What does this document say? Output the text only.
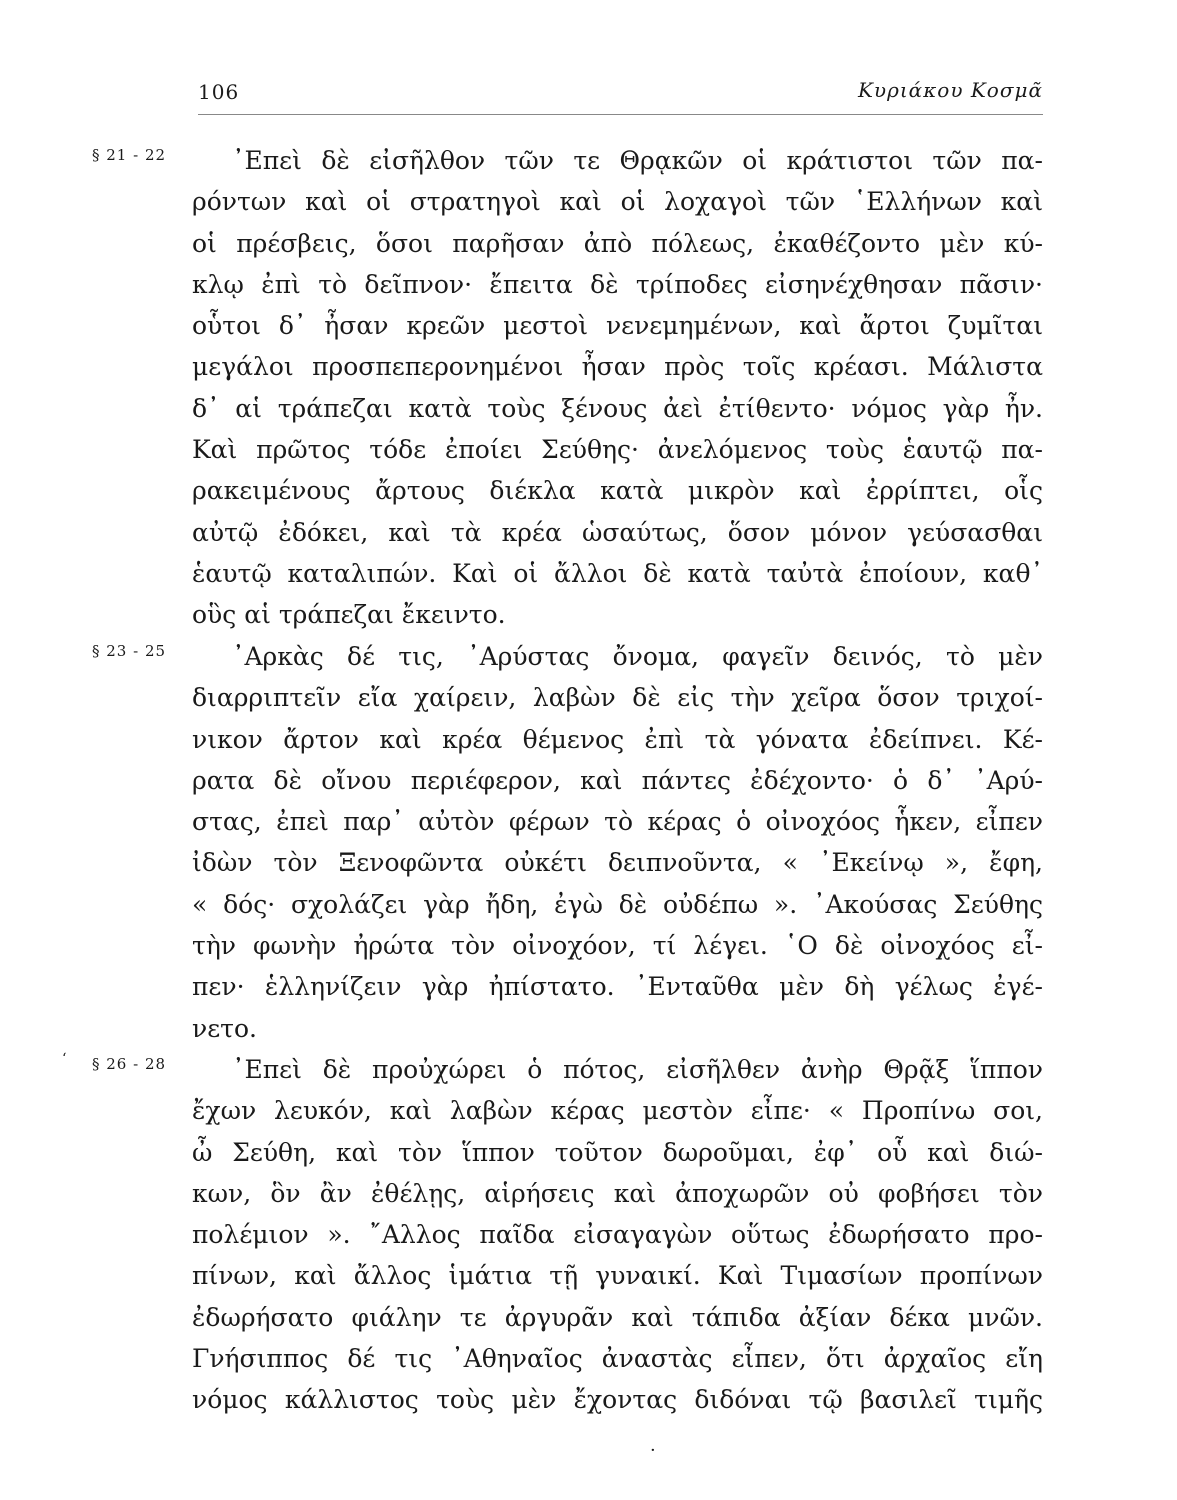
106	Κυριάκου Κοσμᾶ
§ 21 - 22	᾽Επεὶ δὲ εἰσῆλθον τῶν τε Θρᾳκῶν οἱ κράτιστοι τῶν πα-
ρόντων καὶ οἱ στρατηγοὶ καὶ οἱ λοχαγοὶ τῶν ῾Ελλήνων καὶ
οἱ πρέσβεις, ὅσοι παρῆσαν ἀπὸ πόλεως, ἐκαθέζοντο μὲν κύ-
κλῳ ἐπὶ τὸ δεῖπνον· ἔπειτα δὲ τρίποδες εἰσηνέχθησαν πᾶσιν·
οὗτοι δ᾽ ἦσαν κρεῶν μεστοὶ νενεμημένων, καὶ ἄρτοι ζυμῖται
μεγάλοι προσπεπερονημένοι ἦσαν πρὸς τοῖς κρέασι. Μάλιστα
δ᾽ αἱ τράπεζαι κατὰ τοὺς ξένους ἀεὶ ἐτίθεντο· νόμος γὰρ ἦν.
Καὶ πρῶτος τόδε ἐποίει Σεύθης· ἀνελόμενος τοὺς ἑαυτῷ πα-
ρακειμένους ἄρτους διέκλα κατὰ μικρὸν καὶ ἐρρίπτει, οἷς
αὐτῷ ἐδόκει, καὶ τὰ κρέα ὡσαύτως, ὅσον μόνον γεύσασθαι
ἑαυτῷ καταλιπών. Καὶ οἱ ἄλλοι δὲ κατὰ ταὐτὰ ἐποίουν, καθ᾽
οὓς αἱ τράπεζαι ἔκειντο.
§ 23 - 25	᾽Αρκὰς δέ τις, ᾽Αρύστας ὄνομα, φαγεῖν δεινός, τὸ μὲν
διαρριπτεῖν εἴα χαίρειν, λαβὼν δὲ εἰς τὴν χεῖρα ὅσον τριχοί-
νικον ἄρτον καὶ κρέα θέμενος ἐπὶ τὰ γόνατα ἐδείπνει. Κέ-
ρατα δὲ οἴνου περιέφερον, καὶ πάντες ἐδέχοντο· ὁ δ᾽ ᾽Αρύ-
στας, ἐπεὶ παρ᾽ αὐτὸν φέρων τὸ κέρας ὁ οἰνοχόος ἧκεν, εἶπεν
ἰδὼν τὸν Ξενοφῶντα οὐκέτι δειπνοῦντα, « ᾽Εκείνῳ », ἔφη,
« δός· σχολάζει γὰρ ἤδη, ἐγὼ δὲ οὐδέπω ». ᾽Ακούσας Σεύθης
τὴν φωνὴν ἠρώτα τὸν οἰνοχόον, τί λέγει. ῾Ο δὲ οἰνοχόος εἶ-
πεν· ἑλληνίζειν γὰρ ἠπίστατο. ᾽Ενταῦθα μὲν δὴ γέλως ἐγέ-
νετο.
‘ § 26 - 28	᾽Επεὶ δὲ προὐχώρει ὁ πότος, εἰσῆλθεν ἀνὴρ Θρᾷξ ἵππον
ἔχων λευκόν, καὶ λαβὼν κέρας μεστὸν εἶπε· « Προπίνω σοι,
ὦ Σεύθη, καὶ τὸν ἵππον τοῦτον δωροῦμαι, ἐφ᾽ οὗ καὶ διώ-
κων, ὃν ἂν ἐθέλῃς, αἱρήσεις καὶ ἀποχωρῶν οὐ φοβήσει τὸν
πολέμιον ». ῎Αλλος παῖδα εἰσαγαγὼν οὕτως ἐδωρήσατο προ-
πίνων, καὶ ἄλλος ἱμάτια τῇ γυναικί. Καὶ Τιμασίων προπίνων
ἐδωρήσατο φιάλην τε ἀργυρᾶν καὶ τάπιδα ἀξίαν δέκα μνῶν.
Γνήσιππος δέ τις ᾽Αθηναῖος ἀναστὰς εἶπεν, ὅτι ἀρχαῖος εἴη
νόμος κάλλιστος τοὺς μὲν ἔχοντας διδόναι τῷ βασιλεῖ τιμῆς
·
